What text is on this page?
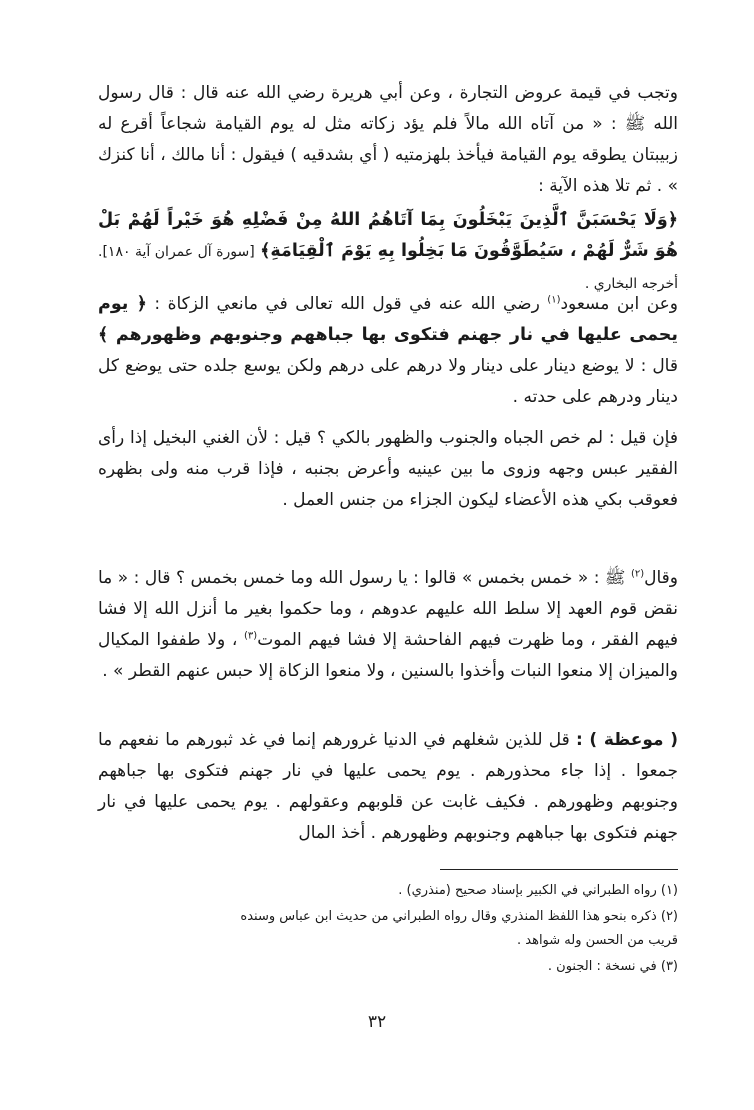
وتجب في قيمة عروض التجارة ، وعن أبي هريرة رضي الله عنه قال : قال رسول الله ﷺ : « من آتاه الله مالاً فلم يؤد زكاته مثل له يوم القيامة شجاعاً أقرع له زبيبتان يطوقه يوم القيامة فيأخذ بلهزمتيه ( أي بشدقيه ) فيقول : أنا مالك ، أنا كنزك » . ثم تلا هذه الآية :
﴿وَلَا يَحْسَبَنَّ ٱلَّذِينَ يَبْخَلُونَ بِمَا آتَاهُمُ اللهُ مِنْ فَضْلِهِ هُوَ خَيْراً لَهُمْ بَلْ هُوَ شَرٌّ لَهُمْ ، سَيُطَوَّقُونَ مَا بَخِلُوا بِهِ يَوْمَ ٱلْقِيَامَةِ﴾ [سورة آل عمران آية ١٨٠]. أخرجه البخاري .
وعن ابن مسعود$^{(١)}$ رضي الله عنه في قول الله تعالى في مانعي الزكاة : ﴿ يوم يحمى عليها في نار جهنم فتكوى بها جباههم وجنوبهم وظهورهم ﴾ قال : لا يوضع دينار على دينار ولا درهم على درهم ولكن يوسع جلده حتى يوضع كل دينار ودرهم على حدته .
فإن قيل : لم خص الجباه والجنوب والظهور بالكي ؟ قيل : لأن الغني البخيل إذا رأى الفقير عبس وجهه وزوى ما بين عينيه وأعرض بجنبه ، فإذا قرب منه ولى بظهره فعوقب بكي هذه الأعضاء ليكون الجزاء من جنس العمل .
وقال$^{(٢)}$ ﷺ : « خمس بخمس » قالوا : يا رسول الله وما خمس بخمس ؟ قال : « ما نقض قوم العهد إلا سلط الله عليهم عدوهم ، وما حكموا بغير ما أنزل الله إلا فشا فيهم الفقر ، وما ظهرت فيهم الفاحشة إلا فشا فيهم الموت$^{(٣)}$ ، ولا طففوا المكيال والميزان إلا منعوا النبات وأخذوا بالسنين ، ولا منعوا الزكاة إلا حبس عنهم القطر » .
( موعظة ) : قل للذين شغلهم في الدنيا غرورهم إنما في غد ثبورهم ما نفعهم ما جمعوا . إذا جاء محذورهم . يوم يحمى عليها في نار جهنم فتكوى بها جباههم وجنوبهم وظهورهم . فكيف غابت عن قلوبهم وعقولهم . يوم يحمى عليها في نار جهنم فتكوى بها جباههم وجنوبهم وظهورهم . أخذ المال
(١) رواه الطبراني في الكبير بإسناد صحيح (منذري) .
(٢) ذكره بنحو هذا اللفظ المنذري وقال رواه الطبراني من حديث ابن عباس وسنده
قريب من الحسن وله شواهد .
(٣) في نسخة : الجنون .
٣٢
